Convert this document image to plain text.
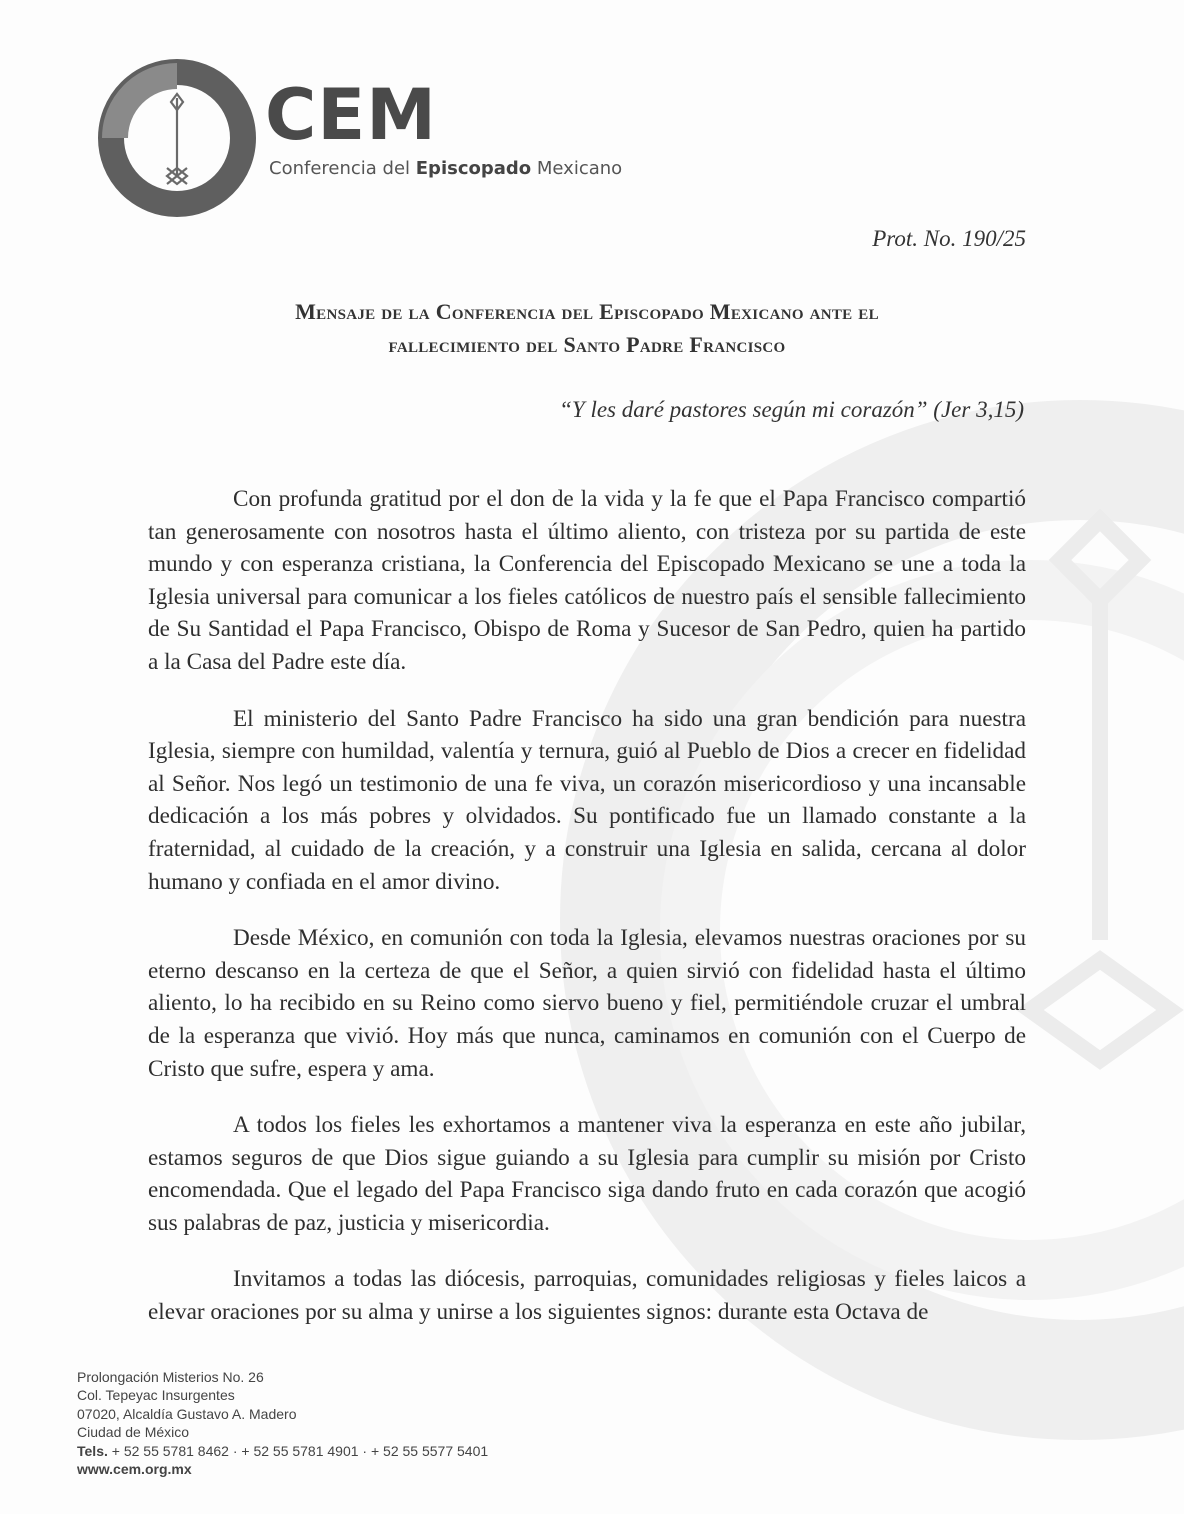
CEM
Conferencia del Episcopado Mexicano
Prot. No. 190/25
Mensaje de la Conferencia del Episcopado Mexicano ante el
fallecimiento del Santo Padre Francisco
“Y les daré pastores según mi corazón” (Jer 3,15)

Con profunda gratitud por el don de la vida y la fe que el Papa Francisco compartió tan generosamente con nosotros hasta el último aliento, con tristeza por su partida de este mundo y con esperanza cristiana, la Conferencia del Episcopado Mexicano se une a toda la Iglesia universal para comunicar a los fieles católicos de nuestro país el sensible fallecimiento de Su Santidad el Papa Francisco, Obispo de Roma y Sucesor de San Pedro, quien ha partido a la Casa del Padre este día.

El ministerio del Santo Padre Francisco ha sido una gran bendición para nuestra Iglesia, siempre con humildad, valentía y ternura, guió al Pueblo de Dios a crecer en fidelidad al Señor. Nos legó un testimonio de una fe viva, un corazón misericordioso y una incansable dedicación a los más pobres y olvidados. Su pontificado fue un llamado constante a la fraternidad, al cuidado de la creación, y a construir una Iglesia en salida, cercana al dolor humano y confiada en el amor divino.

Desde México, en comunión con toda la Iglesia, elevamos nuestras oraciones por su eterno descanso en la certeza de que el Señor, a quien sirvió con fidelidad hasta el último aliento, lo ha recibido en su Reino como siervo bueno y fiel, permitiéndole cruzar el umbral de la esperanza que vivió. Hoy más que nunca, caminamos en comunión con el Cuerpo de Cristo que sufre, espera y ama.

A todos los fieles les exhortamos a mantener viva la esperanza en este año jubilar, estamos seguros de que Dios sigue guiando a su Iglesia para cumplir su misión por Cristo encomendada. Que el legado del Papa Francisco siga dando fruto en cada corazón que acogió sus palabras de paz, justicia y misericordia.

Invitamos a todas las diócesis, parroquias, comunidades religiosas y fieles laicos a elevar oraciones por su alma y unirse a los siguientes signos: durante esta Octava de

Prolongación Misterios No. 26
Col. Tepeyac Insurgentes
07020, Alcaldía Gustavo A. Madero
Ciudad de México
Tels. + 52 55 5781 8462 · + 52 55 5781 4901 · + 52 55 5577 5401
www.cem.org.mx
